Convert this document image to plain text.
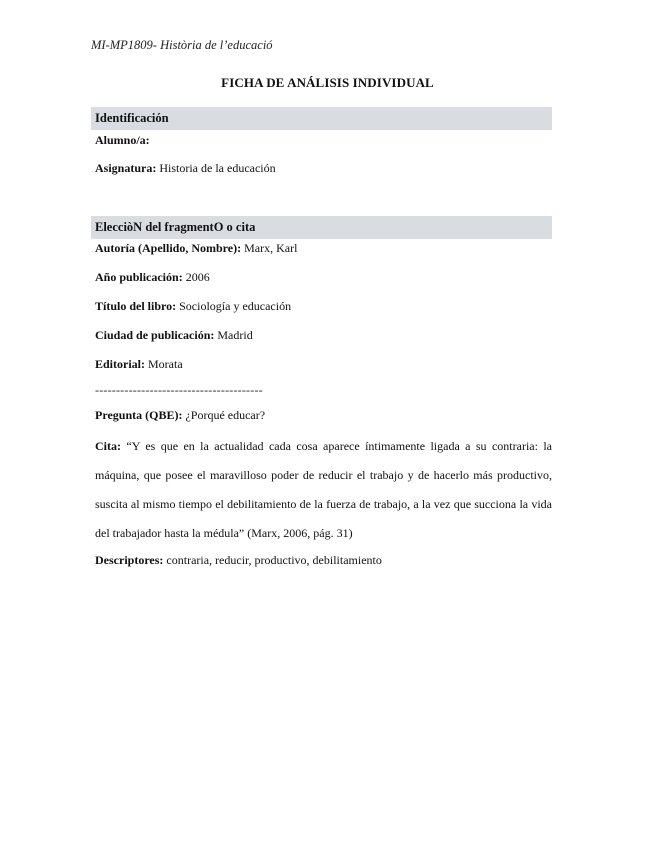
MI-MP1809- Història de l’educació
FICHA DE ANÁLISIS INDIVIDUAL
Identificación
Alumno/a:
Asignatura: Historia de la educación
ElecciòN del fragmentO o cita
Autoría (Apellido, Nombre): Marx, Karl
Año publicación: 2006
Título del libro: Sociología y educación
Ciudad de publicación: Madrid
Editorial: Morata
----------------------------------------
Pregunta (QBE): ¿Porqué educar?
Cita: “Y es que en la actualidad cada cosa aparece íntimamente ligada a su contraria: la máquina, que posee el maravilloso poder de reducir el trabajo y de hacerlo más productivo, suscita al mismo tiempo el debilitamiento de la fuerza de trabajo, a la vez que succiona la vida del trabajador hasta la médula” (Marx, 2006, pág. 31)
Descriptores: contraria, reducir, productivo, debilitamiento
